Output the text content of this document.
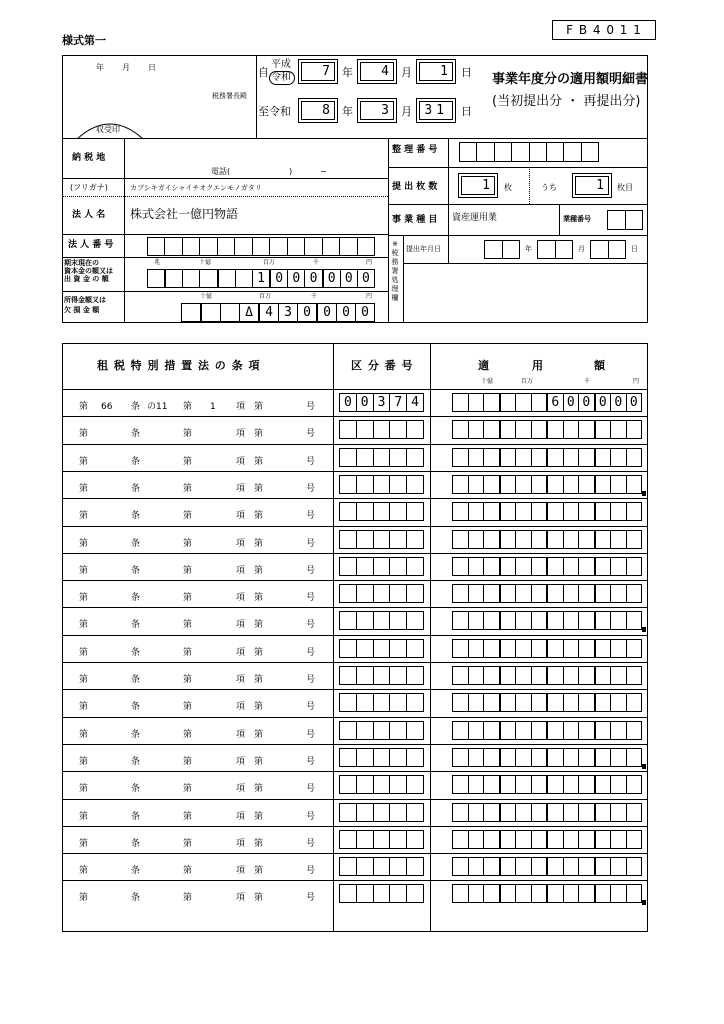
F B 4 0 1 1
様式第一
年 月 日
税務署長殿
収受印
自
平成
令和	7	年	4	月	1	日
至令和	8	年	3	月 31	日
事業年度分の適用額明細書
(当初提出分 ・ 再提出分)
納 税 地
電話(	)	−
(フリガナ)	カブシキガイシャイチオクエンモノガタリ
法 人 名 株式会社一億円物語
法 人 番 号
期末現在の
資本金の額又は
出 資 金 の 額
兆	十億	百万	千	円
1 0 0 0 0 0 0
所得金額又は
欠 損 金 額
十億	百万	千	円
Δ 4 3 0 0 0 0
整 理 番 号
提 出 枚 数	1	枚	うち	1	枚目
事 業 種 目 資産運用業	業種番号
※税務署処理欄
提出年月日	年	月	日
租 税 特 別 措 置 法 の 条 項	区 分 番 号	適	用	額
十億	百万	千	円
第 66 条 の11 第 1 項 第	号	0 0 3 7 4	6 0 0 0 0 0
第	条	第	項 第	号
第	条	第	項 第	号
第	条	第	項 第	号
第	条	第	項 第	号
第	条	第	項 第	号
第	条	第	項 第	号
第	条	第	項 第	号
第	条	第	項 第	号
第	条	第	項 第	号
第	条	第	項 第	号
第	条	第	項 第	号
第	条	第	項 第	号
第	条	第	項 第	号
第	条	第	項 第	号
第	条	第	項 第	号
第	条	第	項 第	号
第	条	第	項 第	号
第	条	第	項 第	号
